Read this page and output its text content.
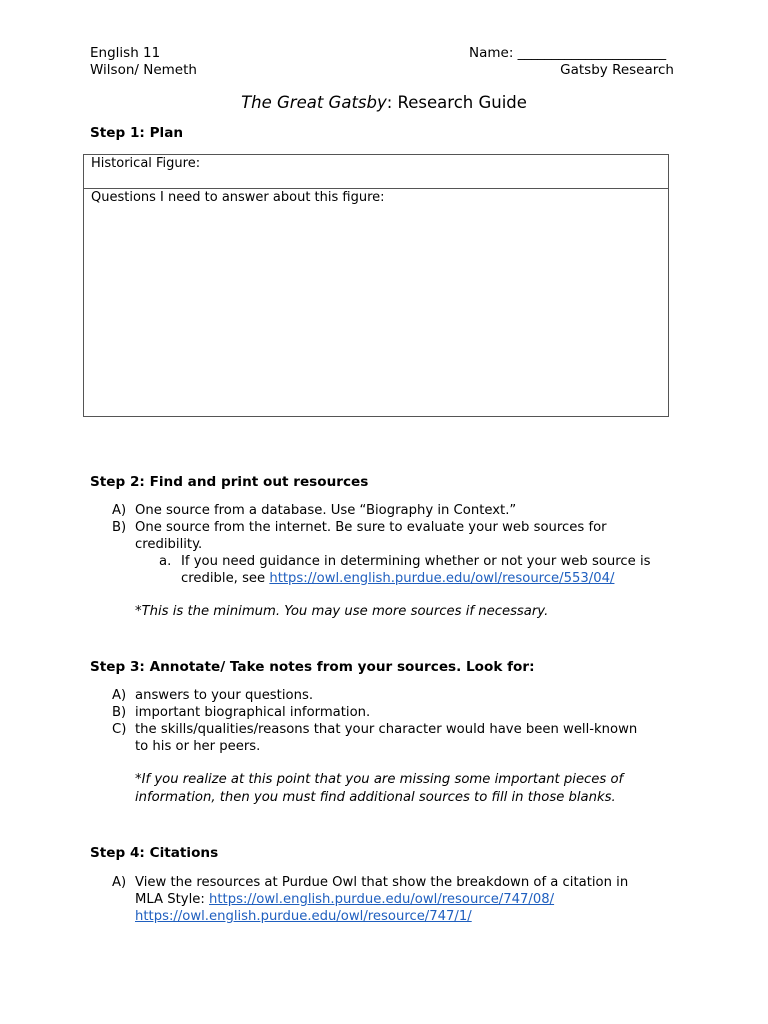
English 11
Wilson/ Nemeth
Name: ______________________
Gatsby Research
The Great Gatsby: Research Guide
Step 1: Plan
Historical Figure:
Questions I need to answer about this figure:
Step 2: Find and print out resources
A) One source from a database. Use “Biography in Context.”
B) One source from the internet. Be sure to evaluate your web sources for
credibility.
a. If you need guidance in determining whether or not your web source is
credible, see https://owl.english.purdue.edu/owl/resource/553/04/
*This is the minimum. You may use more sources if necessary.
Step 3: Annotate/ Take notes from your sources. Look for:
A) answers to your questions.
B) important biographical information.
C) the skills/qualities/reasons that your character would have been well-known
to his or her peers.
*If you realize at this point that you are missing some important pieces of
information, then you must find additional sources to fill in those blanks.
Step 4: Citations
A) View the resources at Purdue Owl that show the breakdown of a citation in
MLA Style: https://owl.english.purdue.edu/owl/resource/747/08/
https://owl.english.purdue.edu/owl/resource/747/1/
